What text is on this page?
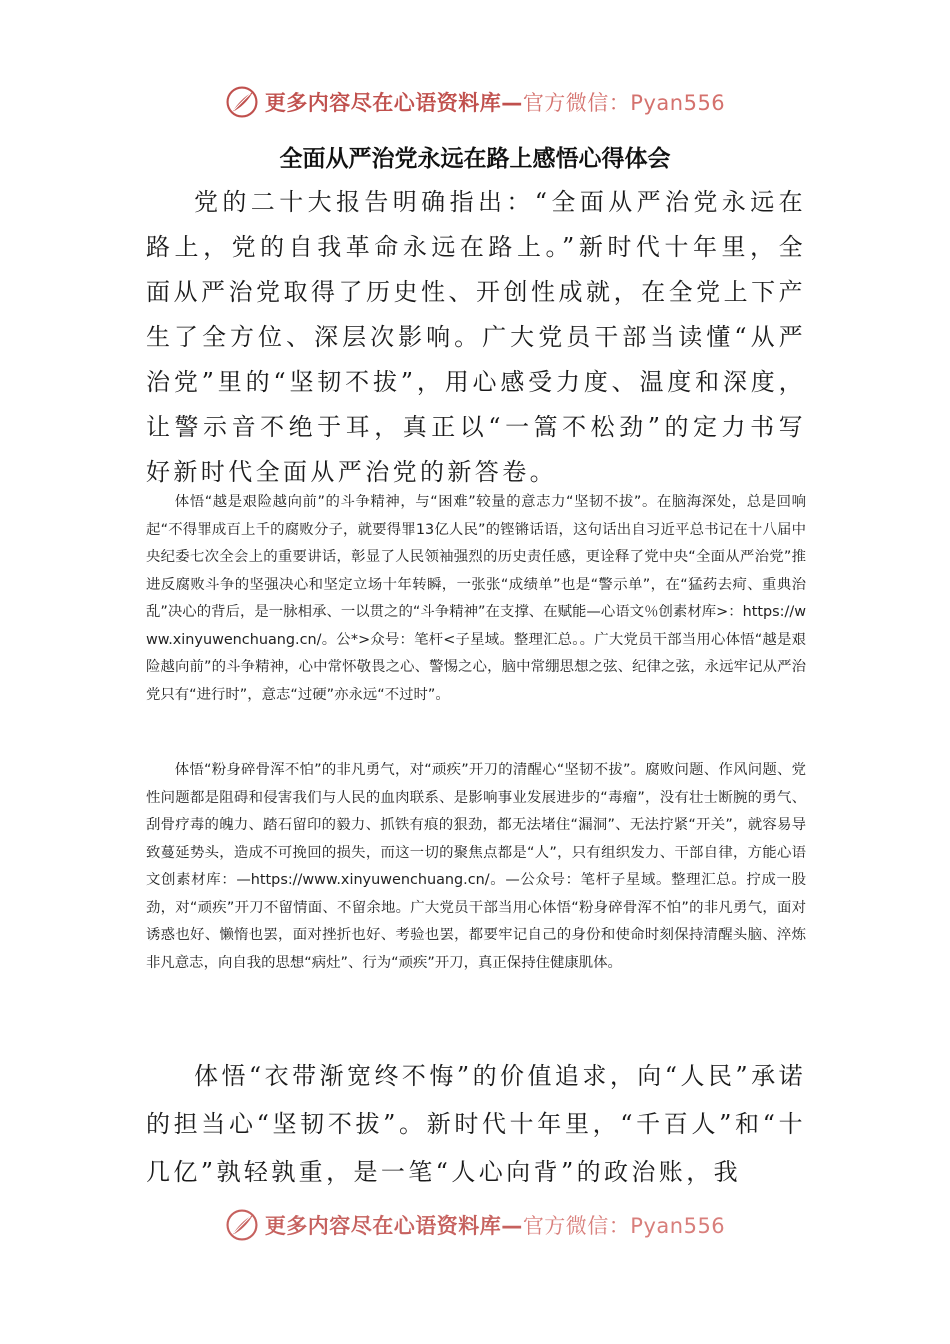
更多内容尽在心语资料库—官方微信：Pyan556
全面从严治党永远在路上感悟心得体会

党的二十大报告明确指出：“全面从严治党永远在路上，党的自我革命永远在路上。”新时代十年里，全面从严治党取得了历史性、开创性成就，在全党上下产生了全方位、深层次影响。广大党员干部当读懂“从严治党”里的“坚韧不拔”，用心感受力度、温度和深度，让警示音不绝于耳，真正以“一篙不松劲”的定力书写好新时代全面从严治党的新答卷。

体悟“越是艰险越向前”的斗争精神，与“困难”较量的意志力“坚韧不拔”。在脑海深处，总是回响起“不得罪成百上千的腐败分子，就要得罪13亿人民”的铿锵话语，这句话出自习近平总书记在十八届中央纪委七次全会上的重要讲话，彰显了人民领袖强烈的历史责任感，更诠释了党中央“全面从严治党”推进反腐败斗争的坚强决心和坚定立场十年转瞬，一张张“成绩单”也是“警示单”，在“猛药去疴、重典治乱”决心的背后，是一脉相承、一以贯之的“斗争精神”在支撑、在赋能—心语文％创素材库>：https://www.xinyuwenchuang.cn/。公*>众号：笔杆<子星域。整理汇总。。广大党员干部当用心体悟“越是艰险越向前”的斗争精神，心中常怀敬畏之心、警惕之心，脑中常绷思想之弦、纪律之弦，永远牢记从严治党只有“进行时”，意志“过硬”亦永远“不过时”。

体悟“粉身碎骨浑不怕”的非凡勇气，对“顽疾”开刀的清醒心“坚韧不拔”。腐败问题、作风问题、党性问题都是阻碍和侵害我们与人民的血肉联系、是影响事业发展进步的“毒瘤”，没有壮士断腕的勇气、刮骨疗毒的魄力、踏石留印的毅力、抓铁有痕的狠劲，都无法堵住“漏洞”、无法拧紧“开关”，就容易导致蔓延势头，造成不可挽回的损失，而这一切的聚焦点都是“人”，只有组织发力、干部自律，方能心语文创素材库：—https://www.xinyuwenchuang.cn/。—公众号：笔杆子星域。整理汇总。拧成一股劲，对“顽疾”开刀不留情面、不留余地。广大党员干部当用心体悟“粉身碎骨浑不怕”的非凡勇气，面对诱惑也好、懒惰也罢，面对挫折也好、考验也罢，都要牢记自己的身份和使命时刻保持清醒头脑、淬炼非凡意志，向自我的思想“病灶”、行为“顽疾”开刀，真正保持住健康肌体。

体悟“衣带渐宽终不悔”的价值追求，向“人民”承诺的担当心“坚韧不拔”。新时代十年里，“千百人”和“十几亿”孰轻孰重，是一笔“人心向背”的政治账，我

更多内容尽在心语资料库—官方微信：Pyan556
